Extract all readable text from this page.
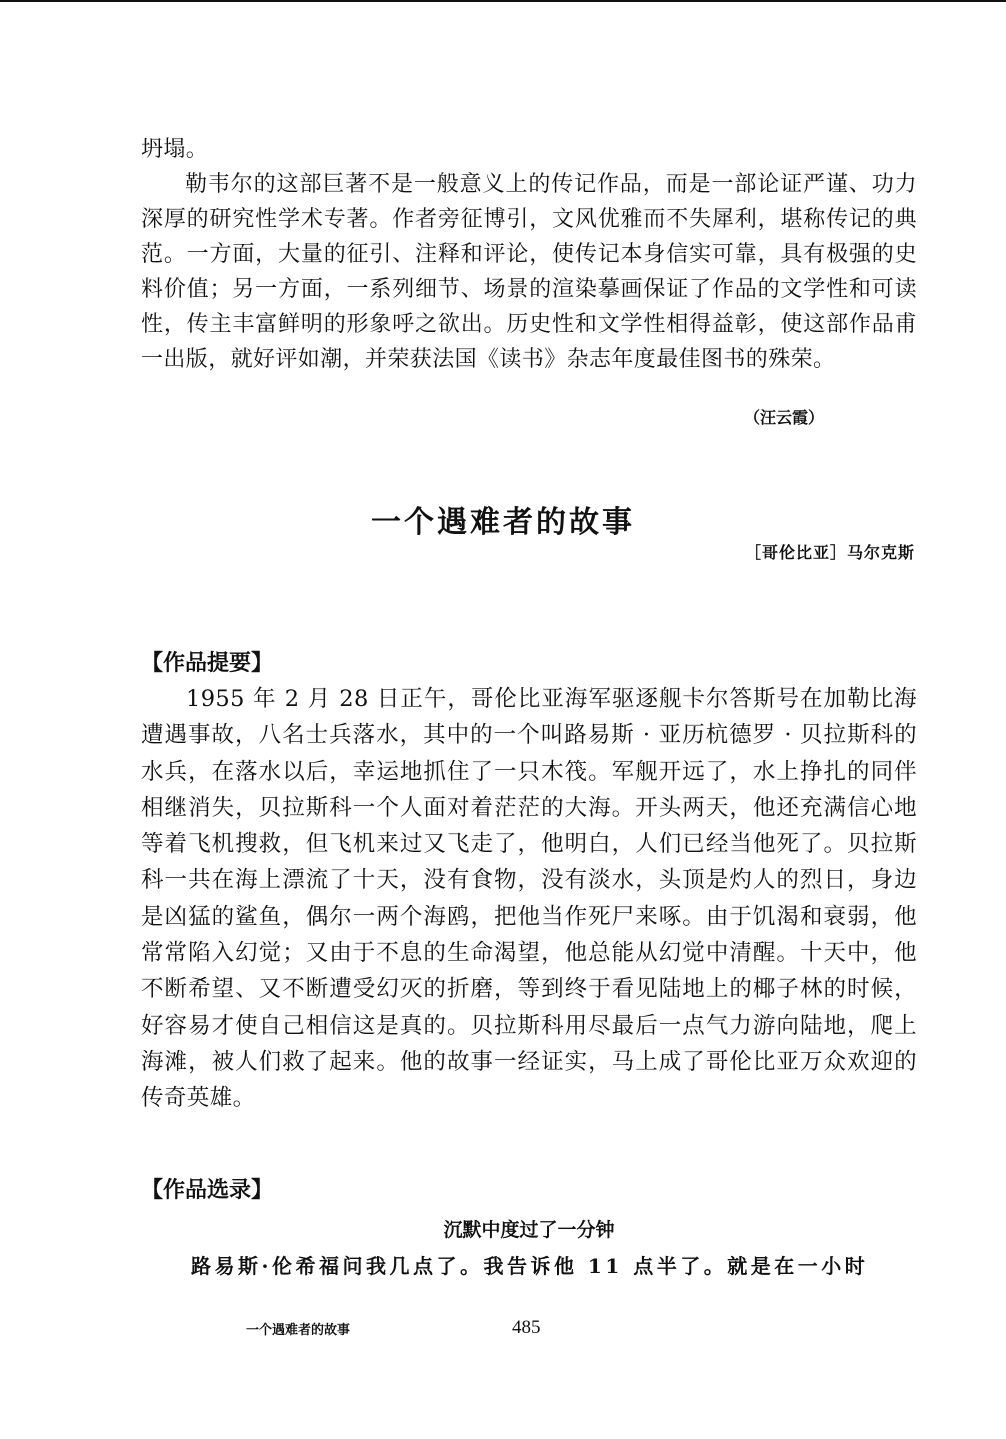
坍塌。

勒韦尔的这部巨著不是一般意义上的传记作品，而是一部论证严谨、功力深厚的研究性学术专著。作者旁征博引，文风优雅而不失犀利，堪称传记的典范。一方面，大量的征引、注释和评论，使传记本身信实可靠，具有极强的史料价值；另一方面，一系列细节、场景的渲染摹画保证了作品的文学性和可读性，传主丰富鲜明的形象呼之欲出。历史性和文学性相得益彰，使这部作品甫一出版，就好评如潮，并荣获法国《读书》杂志年度最佳图书的殊荣。

（汪云霞）
一个遇难者的故事
［哥伦比亚］马尔克斯

【作品提要】

1955 年 2 月 28 日正午，哥伦比亚海军驱逐舰卡尔答斯号在加勒比海遭遇事故，八名士兵落水，其中的一个叫路易斯 · 亚历杭德罗 · 贝拉斯科的水兵，在落水以后，幸运地抓住了一只木筏。军舰开远了，水上挣扎的同伴相继消失，贝拉斯科一个人面对着茫茫的大海。开头两天，他还充满信心地等着飞机搜救，但飞机来过又飞走了，他明白，人们已经当他死了。贝拉斯科一共在海上漂流了十天，没有食物，没有淡水，头顶是灼人的烈日，身边是凶猛的鲨鱼，偶尔一两个海鸥，把他当作死尸来啄。由于饥渴和衰弱，他常常陷入幻觉；又由于不息的生命渴望，他总能从幻觉中清醒。十天中，他不断希望、又不断遭受幻灭的折磨，等到终于看见陆地上的椰子林的时候，好容易才使自己相信这是真的。贝拉斯科用尽最后一点气力游向陆地，爬上海滩，被人们救了起来。他的故事一经证实，马上成了哥伦比亚万众欢迎的传奇英雄。

【作品选录】

沉默中度过了一分钟

路易斯·伦希福问我几点了。我告诉他 11 点半了。就是在一小时

一个遇难者的故事	485
